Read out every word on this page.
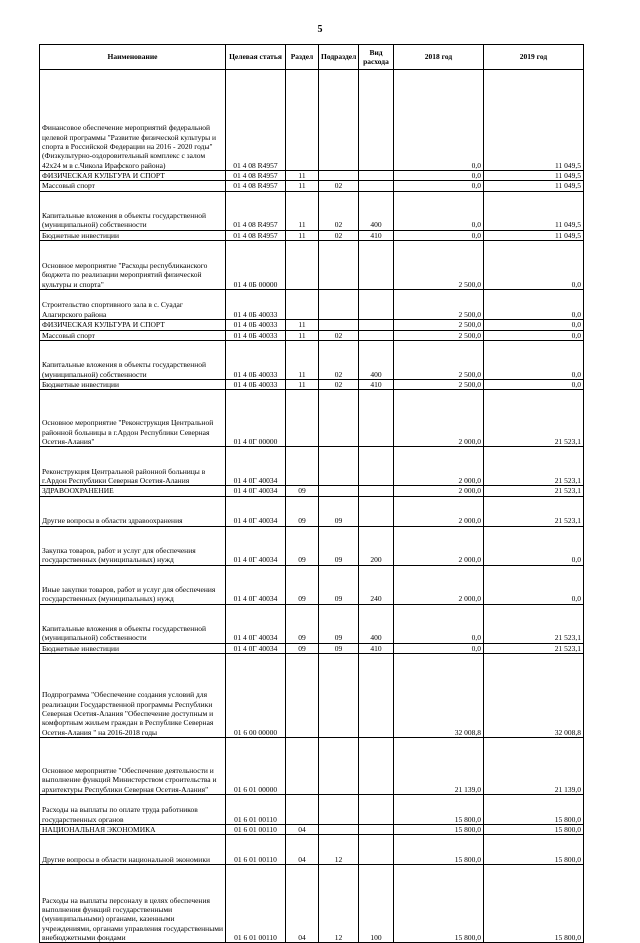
5
Наименование	Целевая статья	Раздел	Подраздел	Вид расхода	2018 год	2019 год
Финансовое обеспечение мероприятий федеральной целевой программы "Развитие физической культуры и спорта в Российской Федерации на 2016 - 2020 годы" (Физкультурно-оздоровительный комплекс с залом 42х24 м в с.Чикола Ирафского района)	01 4 08 R4957				0,0	11 049,5
ФИЗИЧЕСКАЯ КУЛЬТУРА И СПОРТ	01 4 08 R4957	11			0,0	11 049,5
Массовый спорт	01 4 08 R4957	11	02		0,0	11 049,5
Капитальные вложения в объекты государственной (муниципальной) собственности	01 4 08 R4957	11	02	400	0,0	11 049,5
Бюджетные инвестиции	01 4 08 R4957	11	02	410	0,0	11 049,5
Основное мероприятие "Расходы республиканского бюджета по реализации мероприятий физической культуры и спорта"	01 4 0Б 00000				2 500,0	0,0
Строительство спортивного зала в с. Суадаг Алагирского района	01 4 0Б 40033				2 500,0	0,0
ФИЗИЧЕСКАЯ КУЛЬТУРА И СПОРТ	01 4 0Б 40033	11			2 500,0	0,0
Массовый спорт	01 4 0Б 40033	11	02		2 500,0	0,0
Капитальные вложения в объекты государственной (муниципальной) собственности	01 4 0Б 40033	11	02	400	2 500,0	0,0
Бюджетные инвестиции	01 4 0Б 40033	11	02	410	2 500,0	0,0
Основное мероприятие "Реконструкция Центральной районной больницы в г.Ардон Республики Северная Осетия-Алания"	01 4 0Г 00000				2 000,0	21 523,1
Реконструкция Центральной районной больницы в г.Ардон Республики Северная Осетия-Алания	01 4 0Г 40034				2 000,0	21 523,1
ЗДРАВООХРАНЕНИЕ	01 4 0Г 40034	09			2 000,0	21 523,1
Другие вопросы в области здравоохранения	01 4 0Г 40034	09	09		2 000,0	21 523,1
Закупка товаров, работ и услуг для обеспечения государственных (муниципальных) нужд	01 4 0Г 40034	09	09	200	2 000,0	0,0
Иные закупки товаров, работ и услуг для обеспечения государственных (муниципальных) нужд	01 4 0Г 40034	09	09	240	2 000,0	0,0
Капитальные вложения в объекты государственной (муниципальной) собственности	01 4 0Г 40034	09	09	400	0,0	21 523,1
Бюджетные инвестиции	01 4 0Г 40034	09	09	410	0,0	21 523,1
Подпрограмма "Обеспечение создания условий для реализации Государственной программы Республики Северная Осетия-Алания "Обеспечение доступным и комфортным жильем граждан в Республике Северная Осетия-Алания " на 2016-2018 годы	01 6 00 00000				32 008,8	32 008,8
Основное мероприятие "Обеспечение деятельности и выполнение функций Министерством строительства и архитектуры Республики Северная Осетия-Алания"	01 6 01 00000				21 139,0	21 139,0
Расходы на выплаты по оплате труда работников государственных органов	01 6 01 00110				15 800,0	15 800,0
НАЦИОНАЛЬНАЯ ЭКОНОМИКА	01 6 01 00110	04			15 800,0	15 800,0
Другие вопросы в области национальной экономики	01 6 01 00110	04	12		15 800,0	15 800,0
Расходы на выплаты персоналу в целях обеспечения выполнения функций государственными (муниципальными) органами, казенными учреждениями, органами управления государственными внебюджетными фондами	01 6 01 00110	04	12	100	15 800,0	15 800,0
